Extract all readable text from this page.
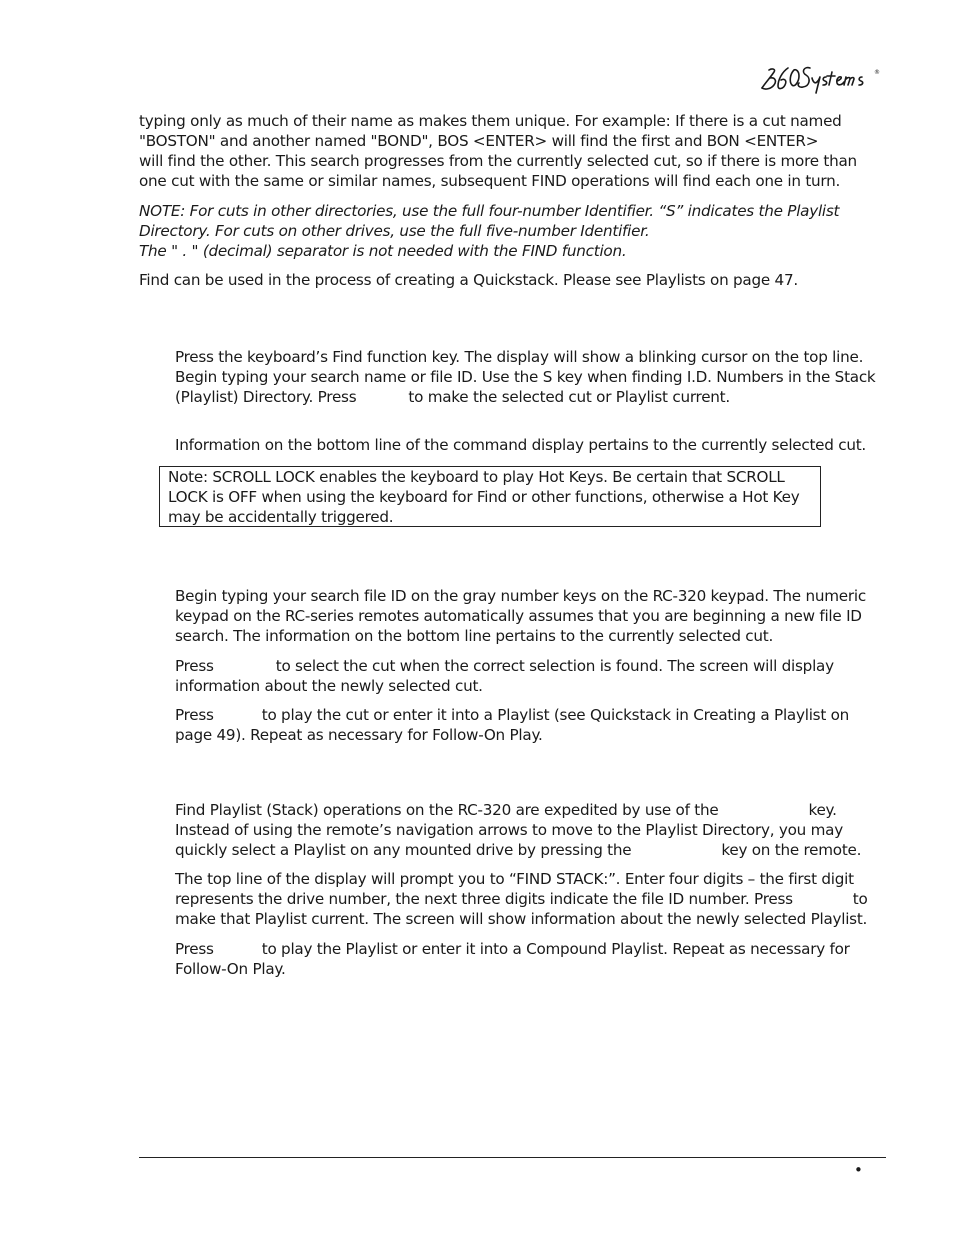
®
typing only as much of their name as makes them unique. For example: If there is a cut named
"BOSTON" and another named "BOND", BOS <ENTER> will find the first and BON <ENTER>
will find the other. This search progresses from the currently selected cut, so if there is more than
one cut with the same or similar names, subsequent FIND operations will find each one in turn.
NOTE: For cuts in other directories, use the full four-number Identifier. “S” indicates the Playlist
Directory. For cuts on other drives, use the full five-number Identifier.
The " . " (decimal) separator is not needed with the FIND function.
Find can be used in the process of creating a Quickstack. Please see Playlists on page 47.
Press the keyboard’s Find function key. The display will show a blinking cursor on the top line.
Begin typing your search name or file ID. Use the S key when finding I.D. Numbers in the Stack
(Playlist) Directory. Press	to make the selected cut or Playlist current.
Information on the bottom line of the command display pertains to the currently selected cut.
Note: SCROLL LOCK enables the keyboard to play Hot Keys. Be certain that SCROLL
LOCK is OFF when using the keyboard for Find or other functions, otherwise a Hot Key
may be accidentally triggered.
Begin typing your search file ID on the gray number keys on the RC-320 keypad. The numeric
keypad on the RC-series remotes automatically assumes that you are beginning a new file ID
search. The information on the bottom line pertains to the currently selected cut.
Press	to select the cut when the correct selection is found. The screen will display
information about the newly selected cut.
Press	to play the cut or enter it into a Playlist (see Quickstack in Creating a Playlist on
page 49). Repeat as necessary for Follow-On Play.
Find Playlist (Stack) operations on the RC-320 are expedited by use of the	key.
Instead of using the remote’s navigation arrows to move to the Playlist Directory, you may
quickly select a Playlist on any mounted drive by pressing the	key on the remote.
The top line of the display will prompt you to “FIND STACK:”. Enter four digits – the first digit
represents the drive number, the next three digits indicate the file ID number. Press	to
make that Playlist current. The screen will show information about the newly selected Playlist.
Press	to play the Playlist or enter it into a Compound Playlist. Repeat as necessary for
Follow-On Play.
•
